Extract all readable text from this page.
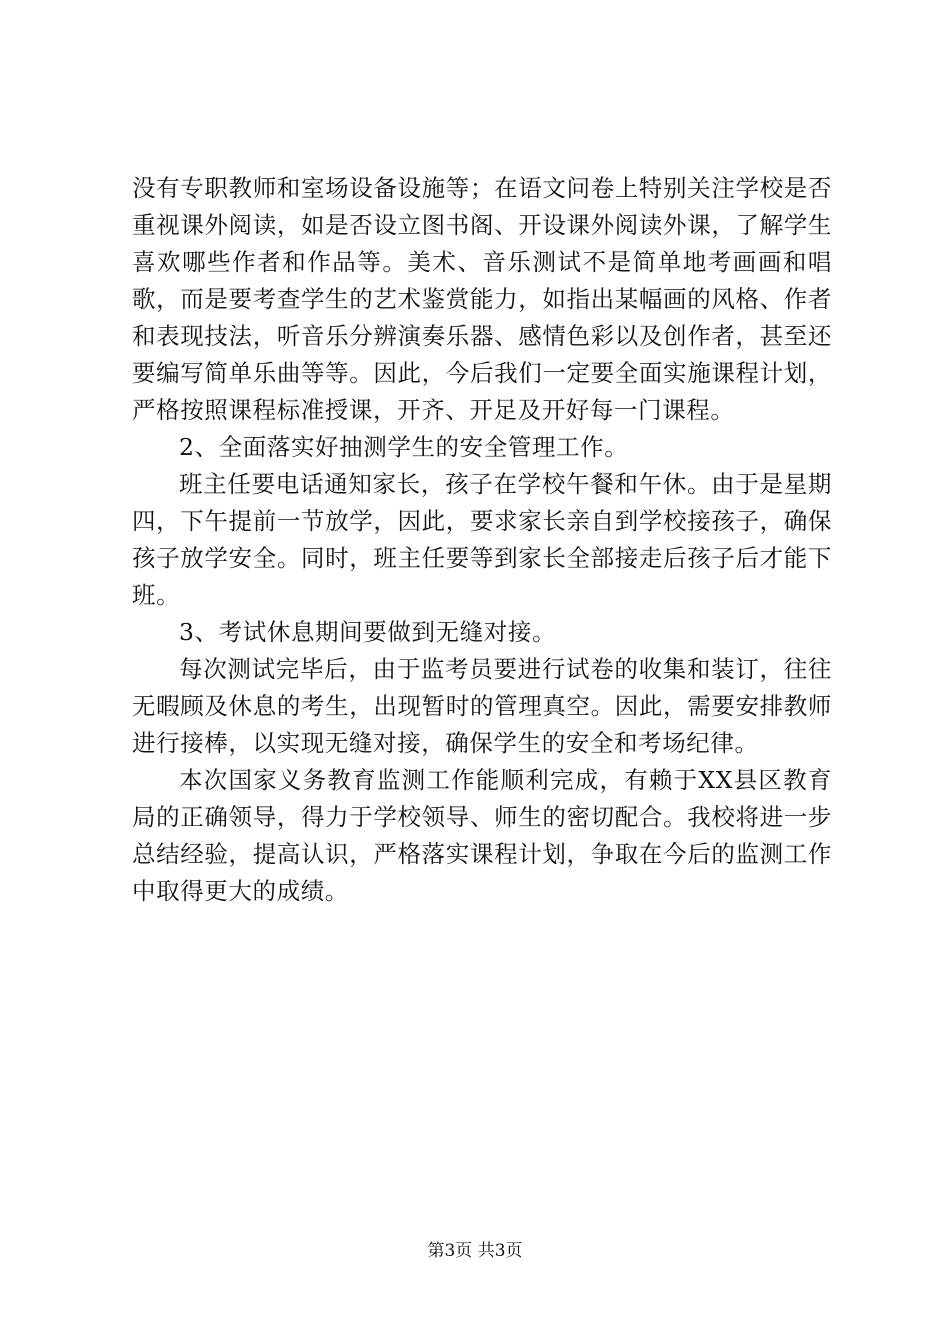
没有专职教师和室场设备设施等；在语文问卷上特别关注学校是否重视课外阅读，如是否设立图书阁、开设课外阅读外课，了解学生喜欢哪些作者和作品等。美术、音乐测试不是简单地考画画和唱歌，而是要考查学生的艺术鉴赏能力，如指出某幅画的风格、作者和表现技法，听音乐分辨演奏乐器、感情色彩以及创作者，甚至还要编写简单乐曲等等。因此，今后我们一定要全面实施课程计划，严格按照课程标准授课，开齐、开足及开好每一门课程。

2、全面落实好抽测学生的安全管理工作。

班主任要电话通知家长，孩子在学校午餐和午休。由于是星期四，下午提前一节放学，因此，要求家长亲自到学校接孩子，确保孩子放学安全。同时，班主任要等到家长全部接走后孩子后才能下班。

3、考试休息期间要做到无缝对接。

每次测试完毕后，由于监考员要进行试卷的收集和装订，往往无暇顾及休息的考生，出现暂时的管理真空。因此，需要安排教师进行接棒，以实现无缝对接，确保学生的安全和考场纪律。

本次国家义务教育监测工作能顺利完成，有赖于XX县区教育局的正确领导，得力于学校领导、师生的密切配合。我校将进一步总结经验，提高认识，严格落实课程计划，争取在今后的监测工作中取得更大的成绩。

第3页 共3页
